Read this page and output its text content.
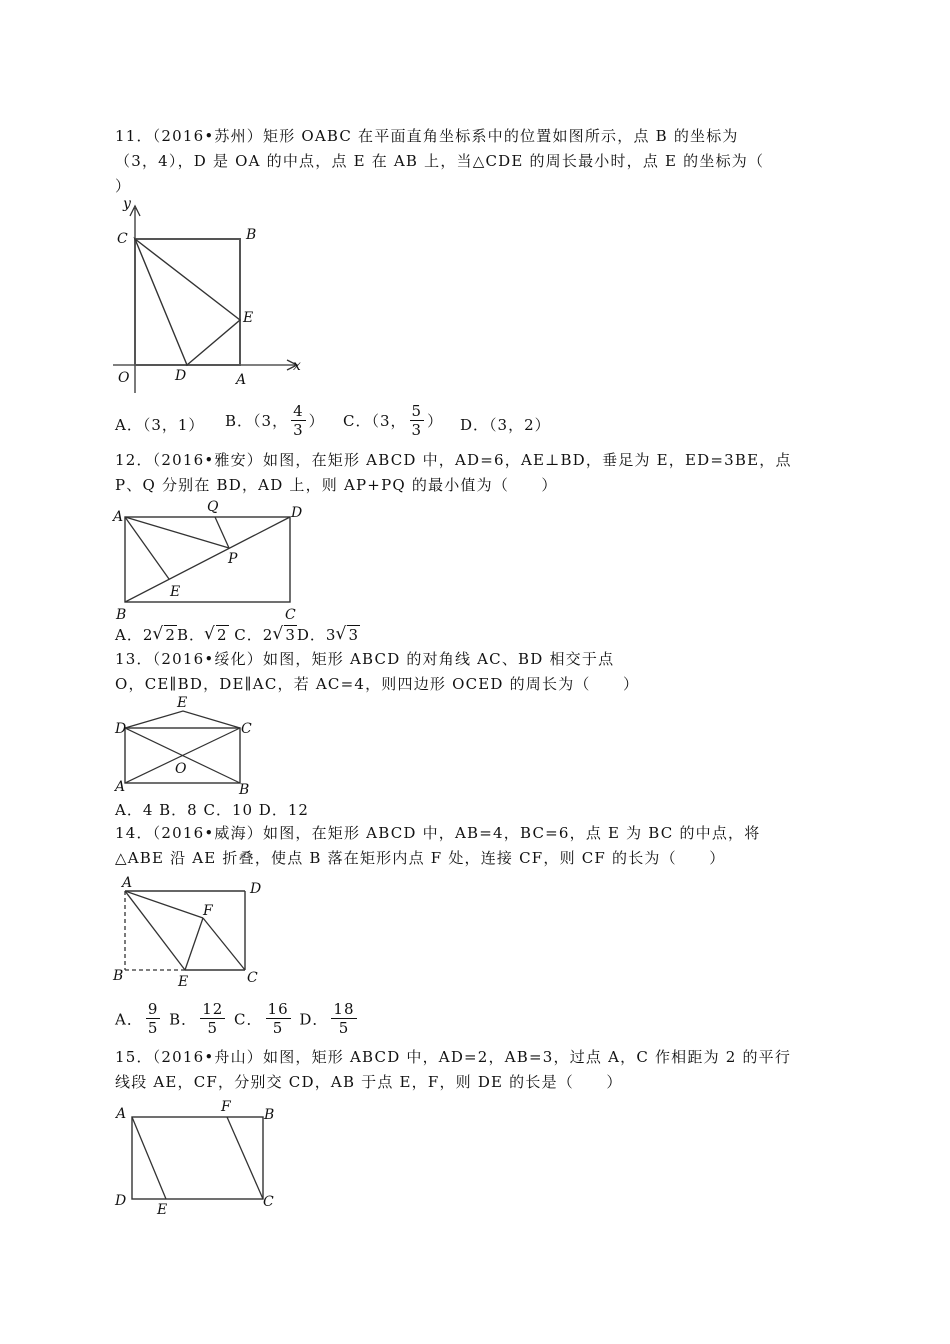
11．（2016•苏州）矩形 OABC 在平面直角坐标系中的位置如图所示，点 B 的坐标为
（3，4），D 是 OA 的中点，点 E 在 AB 上，当△CDE 的周长最小时，点 E 的坐标为（
）
y
x
C	B
E
O	D	A
A．（3，1） B．（3， $\frac{4}{3}$ ） C．（3， $\frac{5}{3}$ ） D．（3，2）
12．（2016•雅安）如图，在矩形 ABCD 中，AD=6，AE⊥BD，垂足为 E，ED=3BE，点
P、Q 分别在 BD，AD 上，则 AP+PQ 的最小值为（　　）
A
Q	D
P
E
B	C
A．2 √ 2B． √ 2 C．2 √ 3D．3 √ 3
13．（2016•绥化）如图，矩形 ABCD 的对角线 AC、BD 相交于点
O，CE∥BD，DE∥AC，若 AC=4，则四边形 OCED 的周长为（　　）
E
D	C
O
A	B
A．4 B．8 C．10 D．12
14．（2016•威海）如图，在矩形 ABCD 中，AB=4，BC=6，点 E 为 BC 的中点，将
△ABE 沿 AE 折叠，使点 B 落在矩形内点 F 处，连接 CF，则 CF 的长为（　　）
A	D
F
B	E	C
A． $\frac{9}{5}$ B． $\frac{12}{5}$ C． $\frac{16}{5}$ D． $\frac{18}{5}$
15．（2016•舟山）如图，矩形 ABCD 中，AD=2，AB=3，过点 A，C 作相距为 2 的平行
线段 AE，CF，分别交 CD，AB 于点 E，F，则 DE 的长是（　　）
A	F B
D
E	C
